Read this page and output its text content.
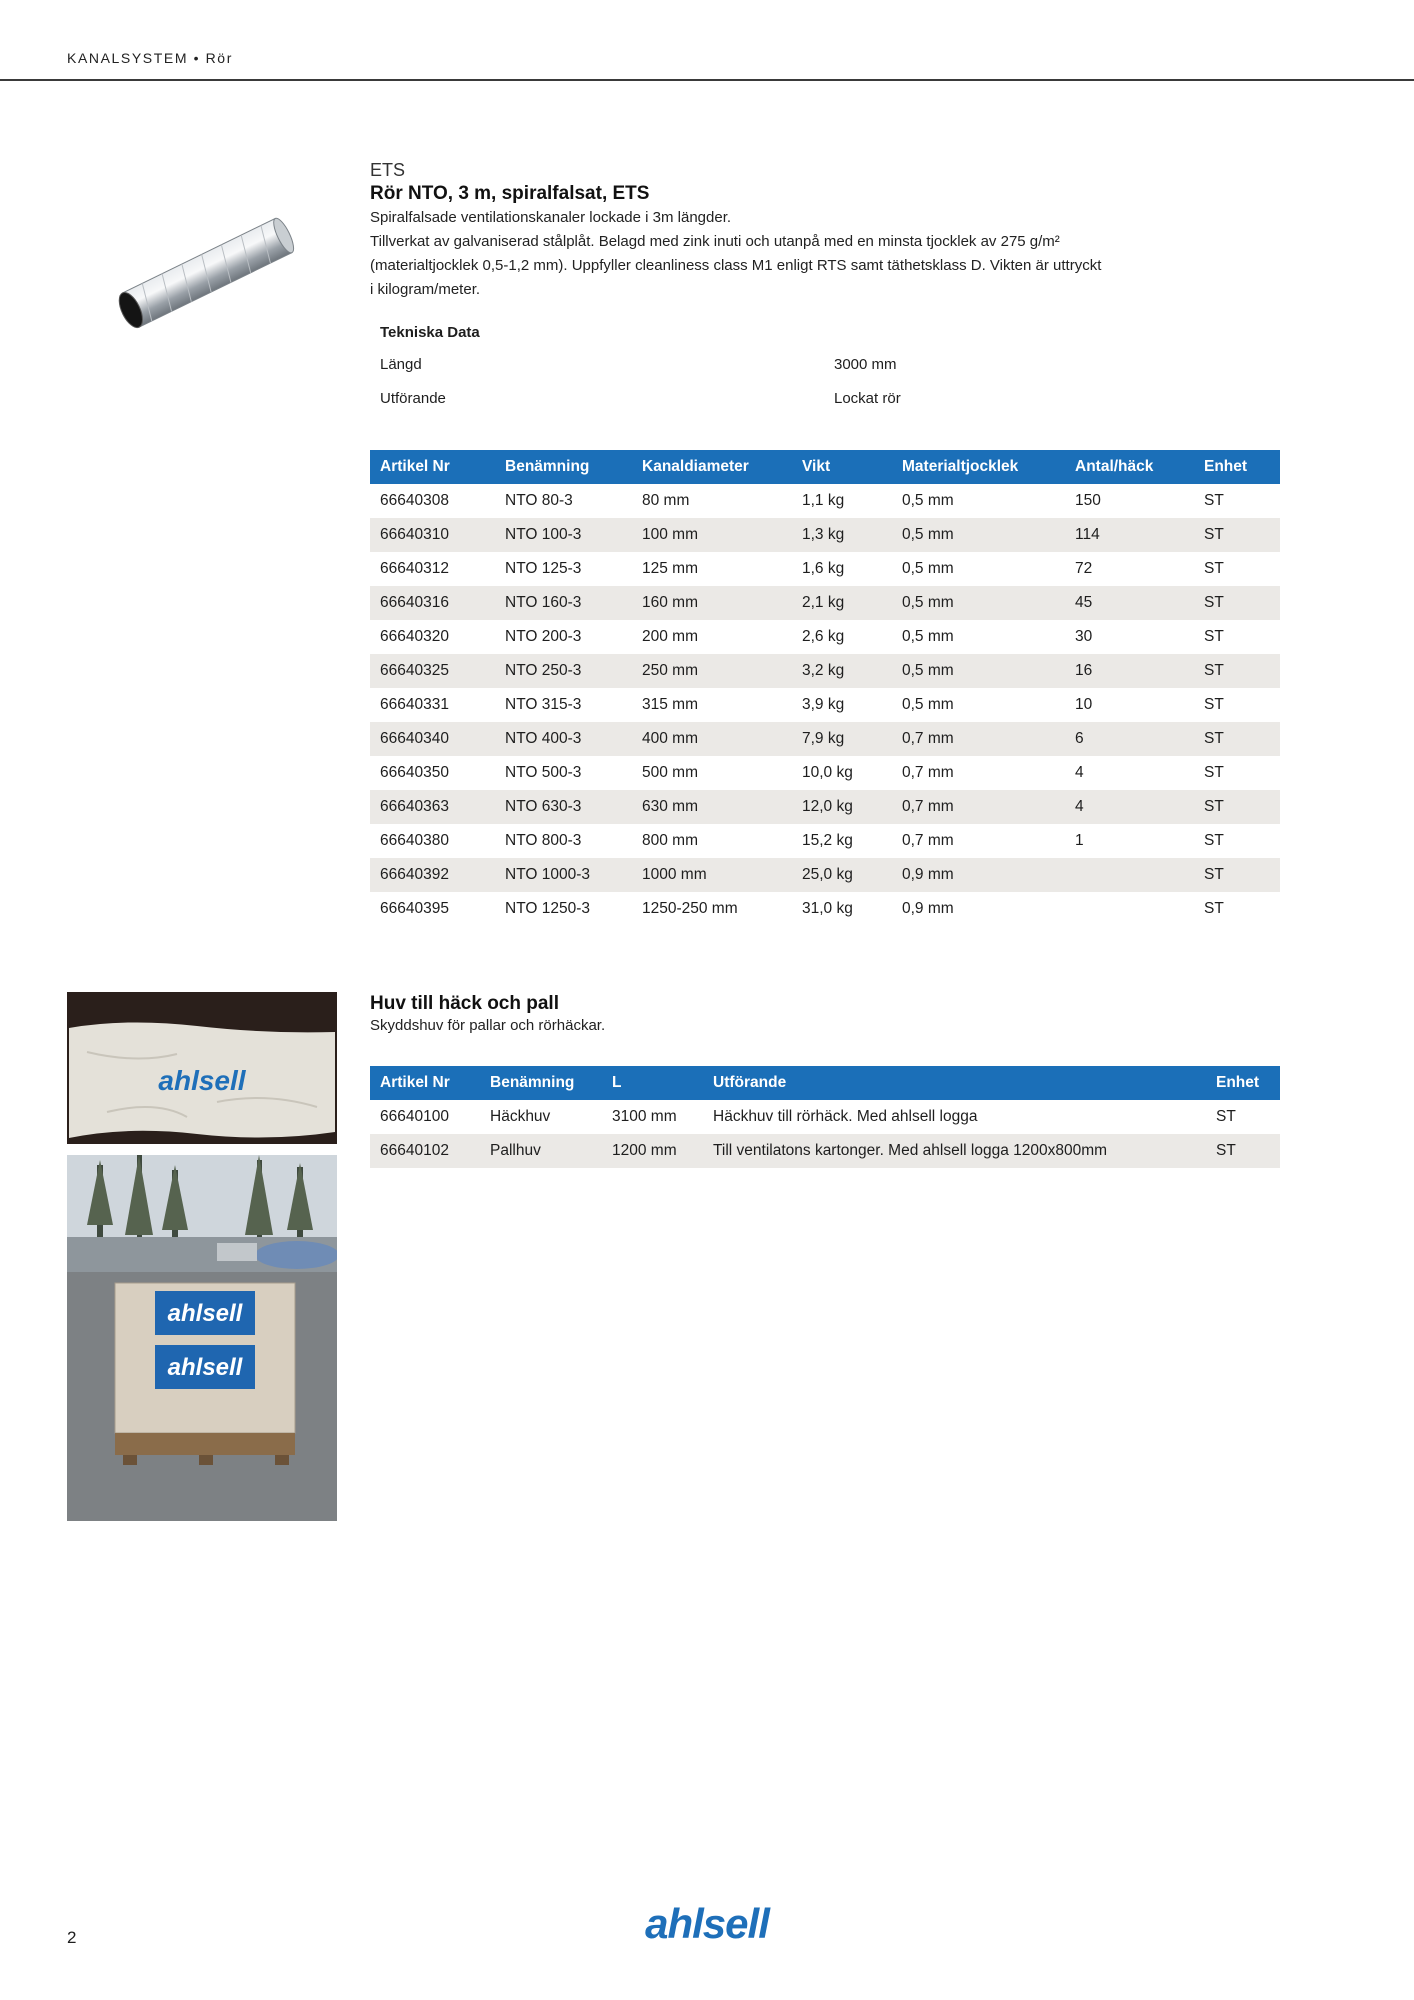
KANALSYSTEM • Rör
ETS
Rör NTO, 3 m, spiralfalsat, ETS
Spiralfalsade ventilationskanaler lockade i 3m längder.
Tillverkat av galvaniserad stålplåt. Belagd med zink inuti och utanpå med en minsta tjocklek av 275 g/m²
(materialtjocklek 0,5-1,2 mm). Uppfyller cleanliness class M1 enligt RTS samt täthetsklass D. Vikten är uttryckt
i kilogram/meter.
Tekniska Data
Längd	3000 mm
Utförande	Lockat rör
Artikel Nr	Benämning	Kanaldiameter	Vikt	Materialtjocklek	Antal/häck	Enhet
66640308	NTO 80-3	80 mm	1,1 kg	0,5 mm	150	ST
66640310	NTO 100-3	100 mm	1,3 kg	0,5 mm	114	ST
66640312	NTO 125-3	125 mm	1,6 kg	0,5 mm	72	ST
66640316	NTO 160-3	160 mm	2,1 kg	0,5 mm	45	ST
66640320	NTO 200-3	200 mm	2,6 kg	0,5 mm	30	ST
66640325	NTO 250-3	250 mm	3,2 kg	0,5 mm	16	ST
66640331	NTO 315-3	315 mm	3,9 kg	0,5 mm	10	ST
66640340	NTO 400-3	400 mm	7,9 kg	0,7 mm	6	ST
66640350	NTO 500-3	500 mm	10,0 kg	0,7 mm	4	ST
66640363	NTO 630-3	630 mm	12,0 kg	0,7 mm	4	ST
66640380	NTO 800-3	800 mm	15,2 kg	0,7 mm	1	ST
66640392	NTO 1000-3	1000 mm	25,0 kg	0,9 mm		ST
66640395	NTO 1250-3	1250-250 mm	31,0 kg	0,9 mm		ST
Huv till häck och pall
Skyddshuv för pallar och rörhäckar.
ahlsell
ahlsell
ahlsell
Artikel Nr	Benämning	L	Utförande	Enhet
66640100	Häckhuv	3100 mm	Häckhuv till rörhäck. Med ahlsell logga	ST
66640102	Pallhuv	1200 mm	Till ventilatons kartonger. Med ahlsell logga 1200x800mm	ST
2	ahlsell
